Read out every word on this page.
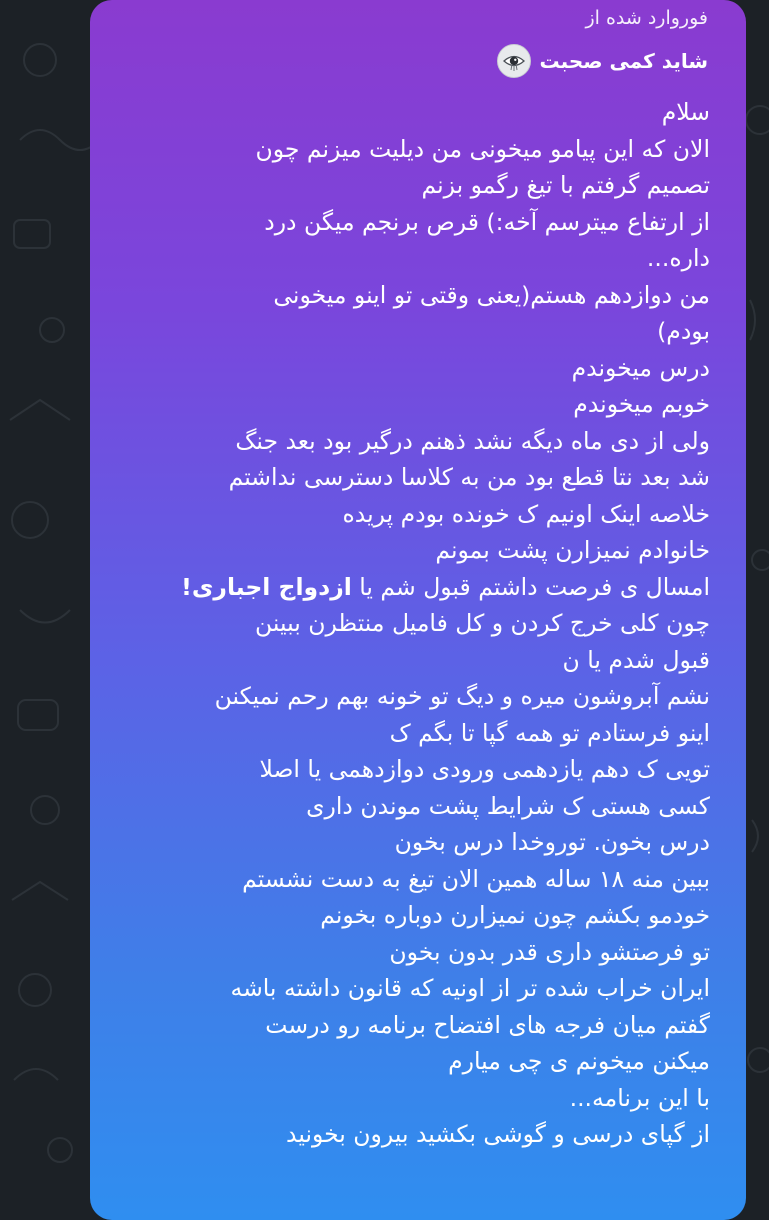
فوروارد شده از
شاید کمی صحبت
سلام
الان که این پیامو میخونی من دیلیت میزنم چون
تصمیم گرفتم با تیغ رگمو بزنم
از ارتفاع میترسم آخه:) قرص برنجم میگن درد
داره...
من دوازدهم هستم(یعنی وقتی تو اینو میخونی
بودم)
درس میخوندم
خوبم میخوندم
ولی از دی ماه دیگه نشد ذهنم درگیر بود بعد جنگ
شد بعد نتا قطع بود من به کلاسا دسترسی نداشتم
خلاصه اینک اونیم ک خونده بودم پریده
خانوادم نمیزارن پشت بمونم
امسال ی فرصت داشتم قبول شم یا ازدواج اجباری!
چون کلی خرج کردن و کل فامیل منتظرن ببینن
قبول شدم یا ن
نشم آبروشون میره و دیگ تو خونه بهم رحم نمیکنن
اینو فرستادم تو همه گپا تا بگم ک
تویی ک دهم یازدهمی ورودی دوازدهمی یا اصلا
کسی هستی ک شرایط پشت موندن داری
درس بخون. توروخدا درس بخون
ببین منه ۱۸ ساله همین الان تیغ به دست نشستم
خودمو بکشم چون نمیزارن دوباره بخونم
تو فرصتشو داری قدر بدون بخون
ایران خراب شده تر از اونیه که قانون داشته باشه
گفتم میان فرجه های افتضاح برنامه رو درست
میکنن میخونم ی چی میارم
با این برنامه...
از گپای درسی و گوشی بکشید بیرون بخونید
